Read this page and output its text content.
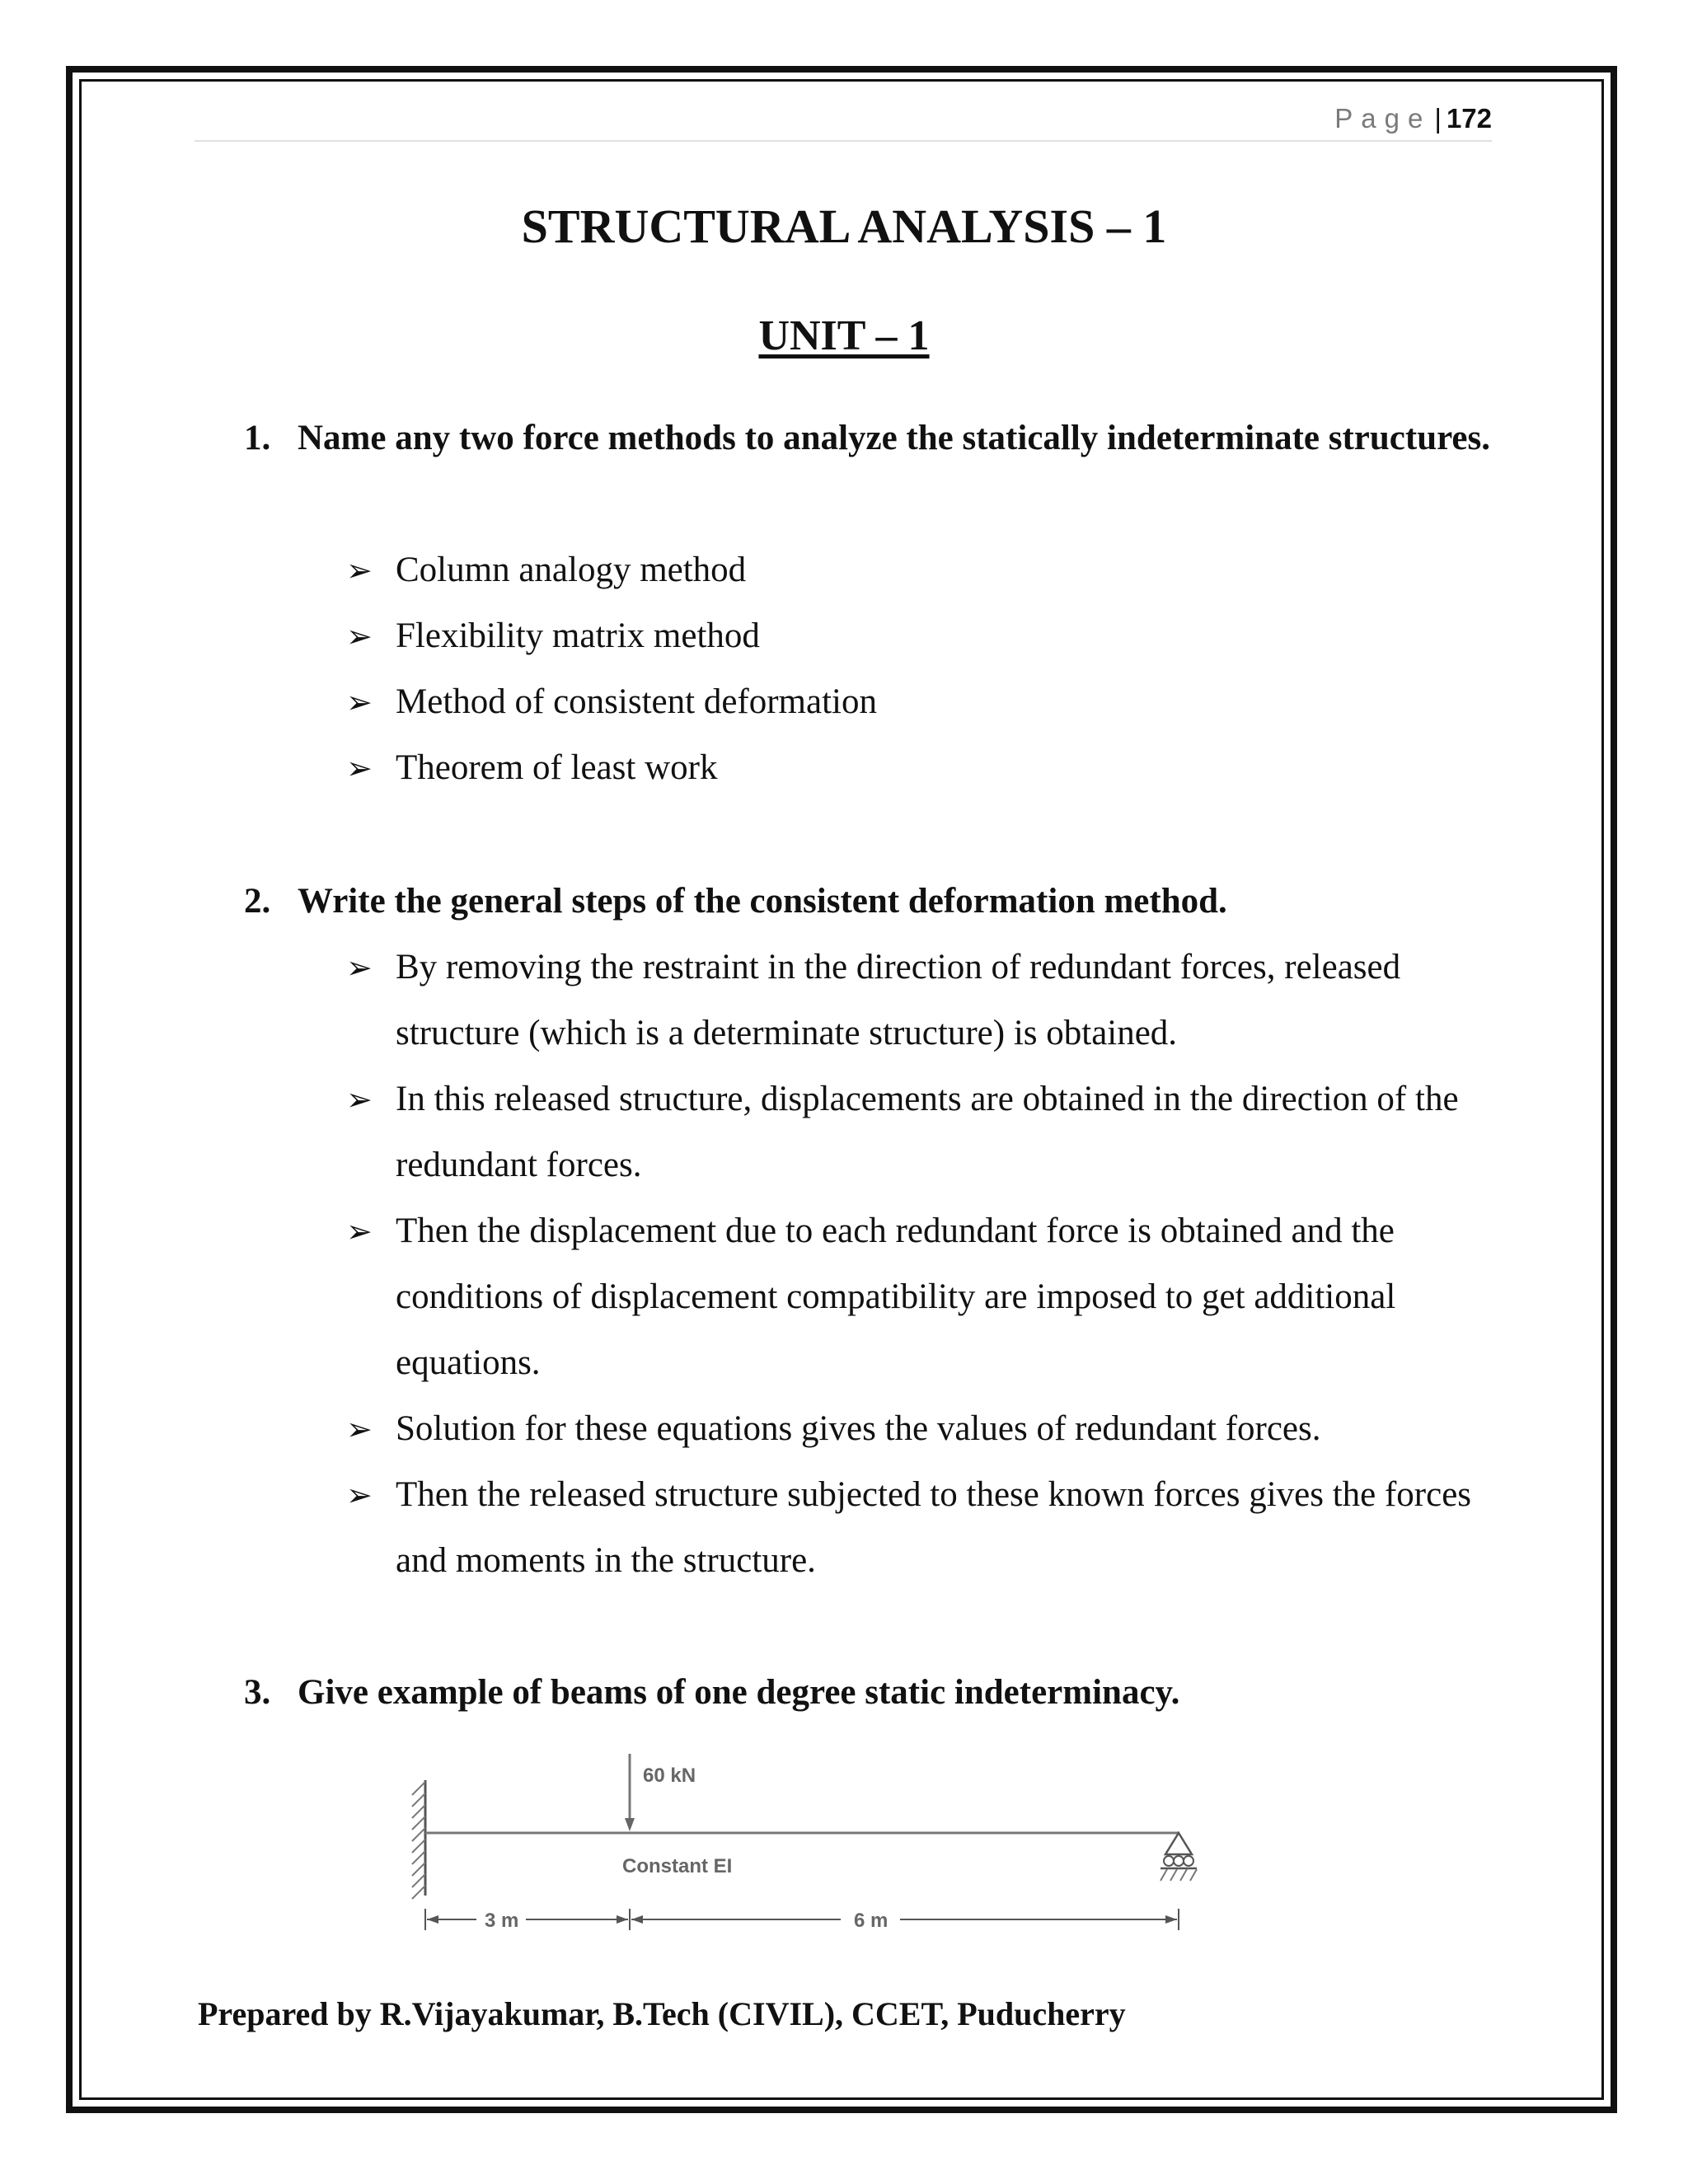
Page | 172
STRUCTURAL ANALYSIS – 1
UNIT – 1

1. Name any two force methods to analyze the statically indeterminate structures.

➢ Column analogy method
➢ Flexibility matrix method
➢ Method of consistent deformation
➢ Theorem of least work

2. Write the general steps of the consistent deformation method.

➢ By removing the restraint in the direction of redundant forces, released structure (which is a determinate structure) is obtained.
➢ In this released structure, displacements are obtained in the direction of the redundant forces.
➢ Then the displacement due to each redundant force is obtained and the conditions of displacement compatibility are imposed to get additional equations.
➢ Solution for these equations gives the values of redundant forces.
➢ Then the released structure subjected to these known forces gives the forces and moments in the structure.

3. Give example of beams of one degree static indeterminacy.

60 kN
Constant EI
3 m	6 m

Prepared by R.Vijayakumar, B.Tech (CIVIL), CCET, Puducherry
